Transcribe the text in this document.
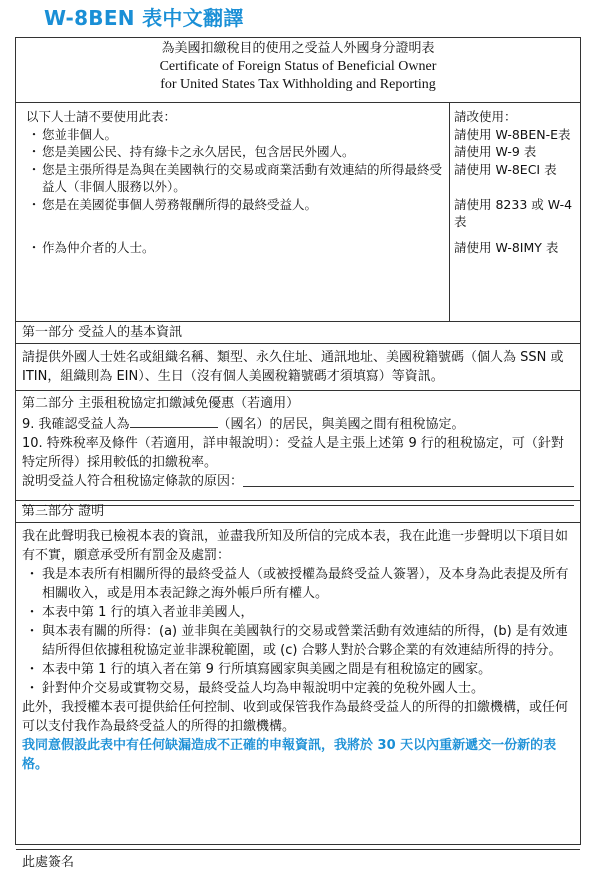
W-8BEN 表中文翻譯
為美國扣繳稅目的使用之受益人外國身分證明表
Certificate of Foreign Status of Beneficial Owner
for United States Tax Withholding and Reporting
以下人士請不要使用此表：
・ 您並非個人。
・ 您是美國公民、持有綠卡之永久居民，包含居民外國人。
・ 您是主張所得是為與在美國執行的交易或商業活動有效連結的所得最終受益人（非個人服務以外）。
・ 您是在美國從事個人勞務報酬所得的最終受益人。
・ 作為仲介者的人士。
請改使用：
請使用 W-8BEN-E表
請使用 W-9 表
請使用 W-8ECI 表
請使用 8233 或 W-4表
請使用 W-8IMY 表
第一部分 受益人的基本資訊
請提供外國人士姓名或組織名稱、類型、永久住址、通訊地址、美國稅籍號碼（個人為 SSN 或 ITIN，組織則為 EIN）、生日（沒有個人美國稅籍號碼才須填寫）等資訊。
第二部分 主張租稅協定扣繳減免優惠（若適用）
9. 我確認受益人為	（國名）的居民，與美國之間有租稅協定。
10. 特殊稅率及條件（若適用，詳申報說明）：受益人是主張上述第 9 行的租稅協定，可（針對特定所得）採用較低的扣繳稅率。
說明受益人符合租稅協定條款的原因：
第三部分 證明
我在此聲明我已檢視本表的資訊，並盡我所知及所信的完成本表，我在此進一步聲明以下項目如有不實，願意承受所有罰金及處罰：
・ 我是本表所有相關所得的最終受益人（或被授權為最終受益人簽署），及本身為此表提及所有相關收入，或是用本表記錄之海外帳戶所有權人。
・ 本表中第 1 行的填入者並非美國人，
・ 與本表有關的所得：(a) 並非與在美國執行的交易或營業活動有效連結的所得，(b) 是有效連結所得但依據租稅協定並非課稅範圍，或 (c) 合夥人對於合夥企業的有效連結所得的持分。
・ 本表中第 1 行的填入者在第 9 行所填寫國家與美國之間是有租稅協定的國家。
・ 針對仲介交易或實物交易，最終受益人均為申報說明中定義的免稅外國人士。
此外，我授權本表可提供給任何控制、收到或保管我作為最終受益人的所得的扣繳機構，或任何可以支付我作為最終受益人的所得的扣繳機構。
我同意假設此表中有任何缺漏造成不正確的申報資訊，我將於 30 天以內重新遞交一份新的表格。
此處簽名
